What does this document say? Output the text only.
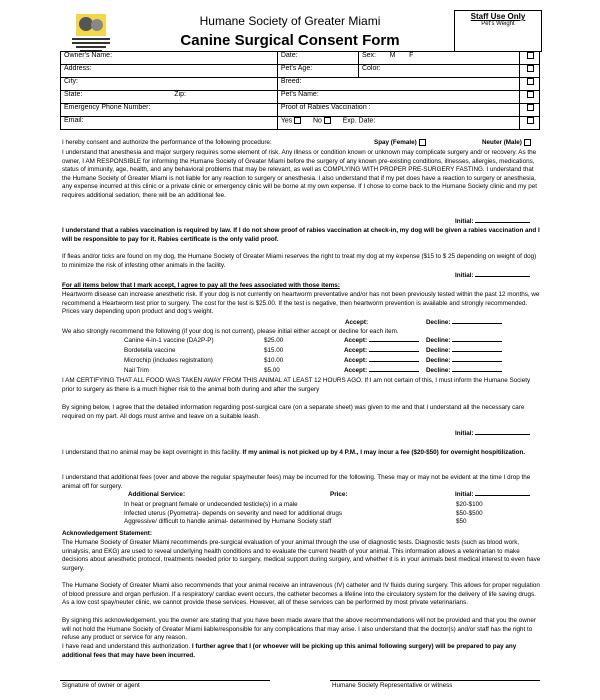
Humane Society of Greater Miami
Canine Surgical Consent Form
Staff Use Only
Pet's Weight
Owner's Name:	Date:	Sex: M F	
Address:	Pet's Age:	Color:	
City:	Breed:		
State: Zip:	Pet's Name:		
Emergency Phone Number:	Proof of Rabies Vaccination :		
Email:	Yes No Exp. Date:		
I hereby consent and authorize the performance of the following procedure:	Spay (Female)	Neuter (Male)
I understand that anesthesia and major surgery requires some element of risk. Any illness or condition known or unknown may complicate surgery and/ or recovery. As the owner, I AM RESPONSIBLE for informing the Humane Society of Greater Miami before the surgery of any known pre-existing conditions, illnesses, allergies, medications, status of immunity, age, health, and any behavioral problems that may be relevant, as well as COMPLYING WITH PROPER PRE-SURGERY FASTING. I understand that the Humane Society of Greater Miami is not liable for any reaction to surgery or anesthesia. I also understand that if my pet does have a reaction to surgery or anesthesia, any expense incurred at this clinic or a private clinic or emergency clinic will be borne at my own expense. If I chose to come back to the Humane Society clinic and my pet requires additional sedation, there will be an additional fee.
Initial:
I understand that a rabies vaccination is required by law. If I do not show proof of rabies vaccination at check-in, my dog will be given a rabies vaccination and I will be responsible to pay for it. Rabies certificate is the only valid proof.
If fleas and/or ticks are found on my dog, the Humane Society of Greater Miami reserves the right to treat my dog at my expense ($15 to $ 25 depending on weight of dog) to minimize the risk of infesting other animals in the facility.
Initial:
For all items below that I mark accept, I agree to pay all the fees associated with those items:
Heartworm disease can increase anesthetic risk. If your dog is not currently on heartworm preventative and/or has not been previously tested within the past 12 months, we recommend a Heartworm test prior to surgery. The cost for the test is $25.00. If the test is negative, then heartworm prevention is available and strongly recommended. Prices vary depending upon product and dog's weight.
Accept:	Decline:
We also strongly recommend the following (if your dog is not current), please initial either accept or decline for each item.
Canine 4-in-1 vaccine (DA2P-P)	$25.00	Accept:	Decline:
Bordetella vaccine	$15.00	Accept:	Decline:
Microchip (includes registration)	$10.00	Accept:	Decline:
Nail Trim	$5.00	Accept:	Decline:
I AM CERTIFYING THAT ALL FOOD WAS TAKEN AWAY FROM THIS ANIMAL AT LEAST 12 HOURS AGO. If I am not certain of this, I must inform the Humane Society prior to surgery as there is a much higher risk to the animal both during and after the surgery
By signing below, I agree that the detailed information regarding post-surgical care (on a separate sheet) was given to me and that I understand all the necessary care required on my part. All dogs must arrive and leave on a suitable leash.
Initial:
I understand that no animal may be kept overnight in this facility. If my animal is not picked up by 4 P.M., I may incur a fee ($20-$50) for overnight hospitilization.
I understand that additional fees (over and above the regular spay/neuter fees) may be incurred for the following. These may or may not be evident at the time I drop the animal off for surgery.
Additional Service:	Price:	Initial:
In heat or pregnant female or undecended testicle(s) in a male	$20-$100
Infected uterus (Pyometra)- depends on severity and need for additional drugs	$50-$500
Aggressive/ difficult to handle animal- determined by Humane Society staff	$50
Acknowledgement Statement:
The Humane Society of Greater Miami recommends pre-surgical evaluation of your animal through the use of diagnostic tests. Diagnostic tests (such as blood work, urinalysis, and EKG) are used to reveal underlying health conditions and to evaluate the current health of your animal. This information allows a veterinarian to make decisions about anesthetic protocol, treatments needed prior to surgery, medical support during surgery, and whether it is in your animals best medical interest to even have surgery.
The Humane Society of Greater Miami also recommends that your animal receive an intravenous (IV) catheter and IV fluids during surgery. This allows for proper regulation of blood pressure and organ perfusion. If a respiratory/ cardiac event occurs, the catheter becomes a lifeline into the circulatory system for the delivery of life saving drugs. As a low cost spay/neuter clinic, we cannot provide these services. However, all of these services can be performed by most private veterinarians.
By signing this acknowledgement, you the owner are stating that you have been made aware that the above recommendations will not be provided and that you the owner will not hold the Humane Society of Greater Miami liable/responsible for any complications that may arise. I also understand that the doctor(s) and/or staff has the right to refuse any product or service for any reason.
I have read and understand this authorization. I further agree that I (or whoever will be picking up this animal following surgery) will be prepared to pay any additional fees that may have been incurred.
Signature of owner or agent	Humane Society Representative or witness
